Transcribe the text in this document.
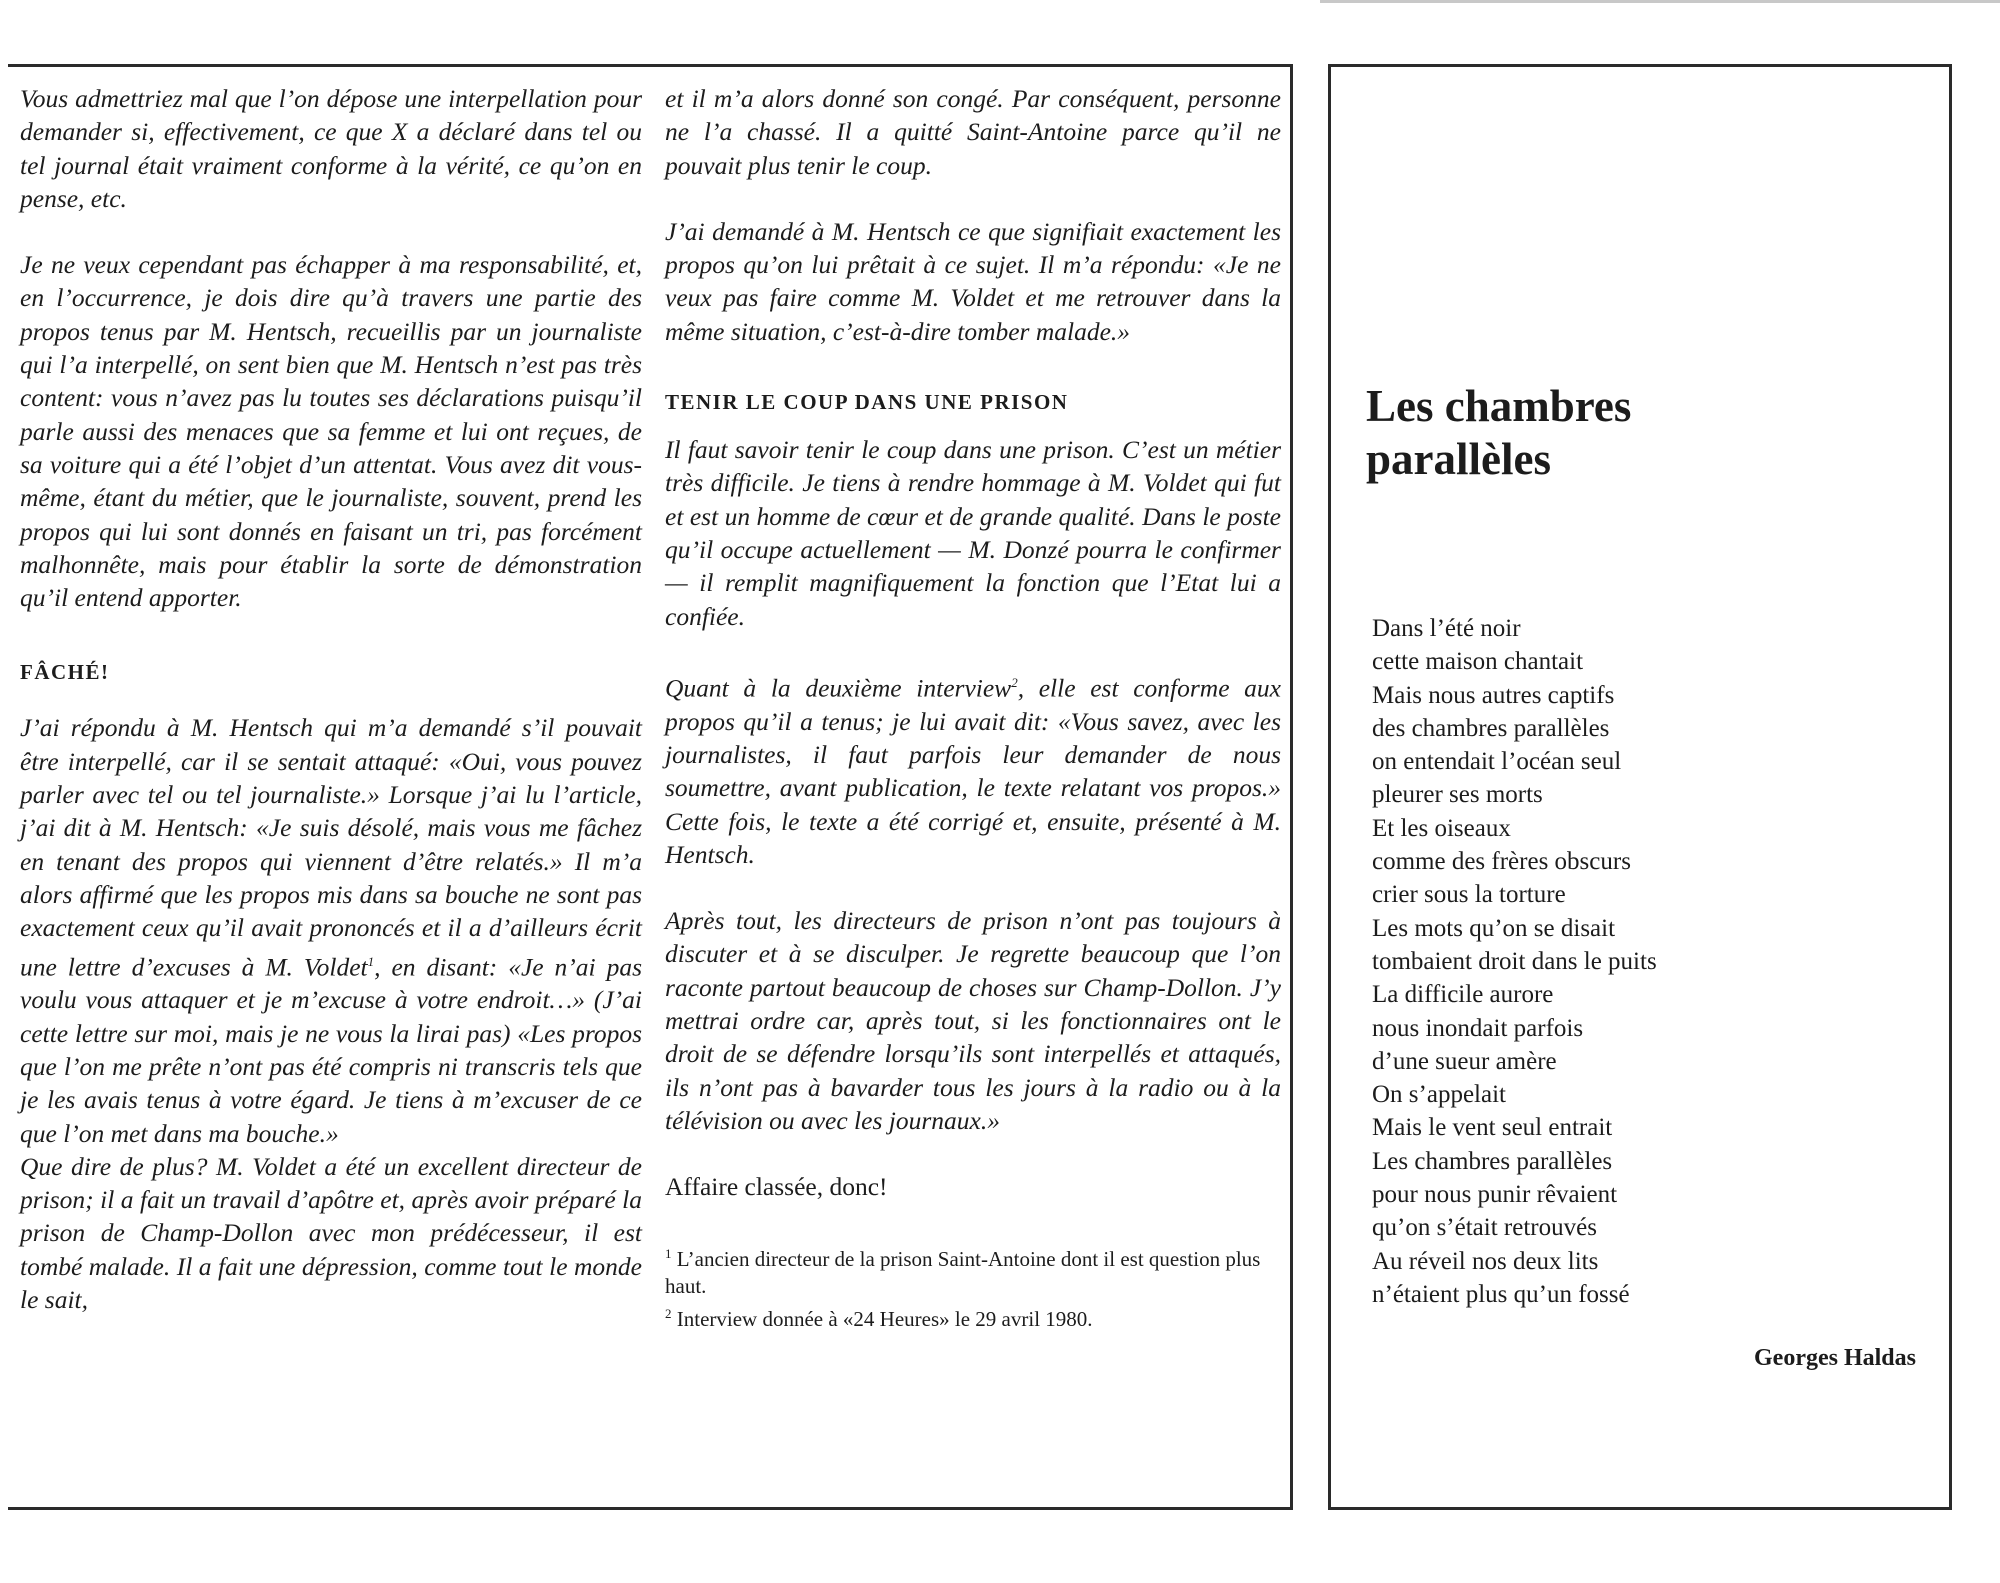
Vous admettriez mal que l’on dépose une interpellation pour demander si, effectivement, ce que X a déclaré dans tel ou tel journal était vraiment conforme à la vérité, ce qu’on en pense, etc.

Je ne veux cependant pas échapper à ma responsabilité, et, en l’occurrence, je dois dire qu’à travers une partie des propos tenus par M. Hentsch, recueillis par un journaliste qui l’a interpellé, on sent bien que M. Hentsch n’est pas très content: vous n’avez pas lu toutes ses déclarations puisqu’il parle aussi des menaces que sa femme et lui ont reçues, de sa voiture qui a été l’objet d’un attentat. Vous avez dit vous-même, étant du métier, que le journaliste, souvent, prend les propos qui lui sont donnés en faisant un tri, pas forcément malhonnête, mais pour établir la sorte de démonstration qu’il entend apporter.

FÂCHÉ!

J’ai répondu à M. Hentsch qui m’a demandé s’il pouvait être interpellé, car il se sentait attaqué: «Oui, vous pouvez parler avec tel ou tel journaliste.» Lorsque j’ai lu l’article, j’ai dit à M. Hentsch: «Je suis désolé, mais vous me fâchez en tenant des propos qui viennent d’être relatés.» Il m’a alors affirmé que les propos mis dans sa bouche ne sont pas exactement ceux qu’il avait prononcés et il a d’ailleurs écrit une lettre d’excuses à M. Voldet$^1$, en disant: «Je n’ai pas voulu vous attaquer et je m’excuse à votre endroit…» (J’ai cette lettre sur moi, mais je ne vous la lirai pas) «Les propos que l’on me prête n’ont pas été compris ni transcris tels que je les avais tenus à votre égard. Je tiens à m’excuser de ce que l’on met dans ma bouche.»

Que dire de plus? M. Voldet a été un excellent directeur de prison; il a fait un travail d’apôtre et, après avoir préparé la prison de Champ-Dollon avec mon prédécesseur, il est tombé malade. Il a fait une dépression, comme tout le monde le sait,

et il m’a alors donné son congé. Par conséquent, personne ne l’a chassé. Il a quitté Saint-Antoine parce qu’il ne pouvait plus tenir le coup.

J’ai demandé à M. Hentsch ce que signifiait exactement les propos qu’on lui prêtait à ce sujet. Il m’a répondu: «Je ne veux pas faire comme M. Voldet et me retrouver dans la même situation, c’est-à-dire tomber malade.»

TENIR LE COUP DANS UNE PRISON

Il faut savoir tenir le coup dans une prison. C’est un métier très difficile. Je tiens à rendre hommage à M. Voldet qui fut et est un homme de cœur et de grande qualité. Dans le poste qu’il occupe actuellement — M. Donzé pourra le confirmer — il remplit magnifiquement la fonction que l’Etat lui a confiée.

Quant à la deuxième interview$^2$, elle est conforme aux propos qu’il a tenus; je lui avait dit: «Vous savez, avec les journalistes, il faut parfois leur demander de nous soumettre, avant publication, le texte relatant vos propos.» Cette fois, le texte a été corrigé et, ensuite, présenté à M. Hentsch.

Après tout, les directeurs de prison n’ont pas toujours à discuter et à se disculper. Je regrette beaucoup que l’on raconte partout beaucoup de choses sur Champ-Dollon. J’y mettrai ordre car, après tout, si les fonctionnaires ont le droit de se défendre lorsqu’ils sont interpellés et attaqués, ils n’ont pas à bavarder tous les jours à la radio ou à la télévision ou avec les journaux.»

Affaire classée, donc!

$^1$ L’ancien directeur de la prison Saint-Antoine dont il est question plus haut.
$^2$ Interview donnée à «24 Heures» le 29 avril 1980.
Les chambres
parallèles
Dans l’été noir
cette maison chantait
Mais nous autres captifs
des chambres parallèles
on entendait l’océan seul
pleurer ses morts
Et les oiseaux
comme des frères obscurs
crier sous la torture
Les mots qu’on se disait
tombaient droit dans le puits
La difficile aurore
nous inondait parfois
d’une sueur amère
On s’appelait
Mais le vent seul entrait
Les chambres parallèles
pour nous punir rêvaient
qu’on s’était retrouvés
Au réveil nos deux lits
n’étaient plus qu’un fossé
Georges Haldas
